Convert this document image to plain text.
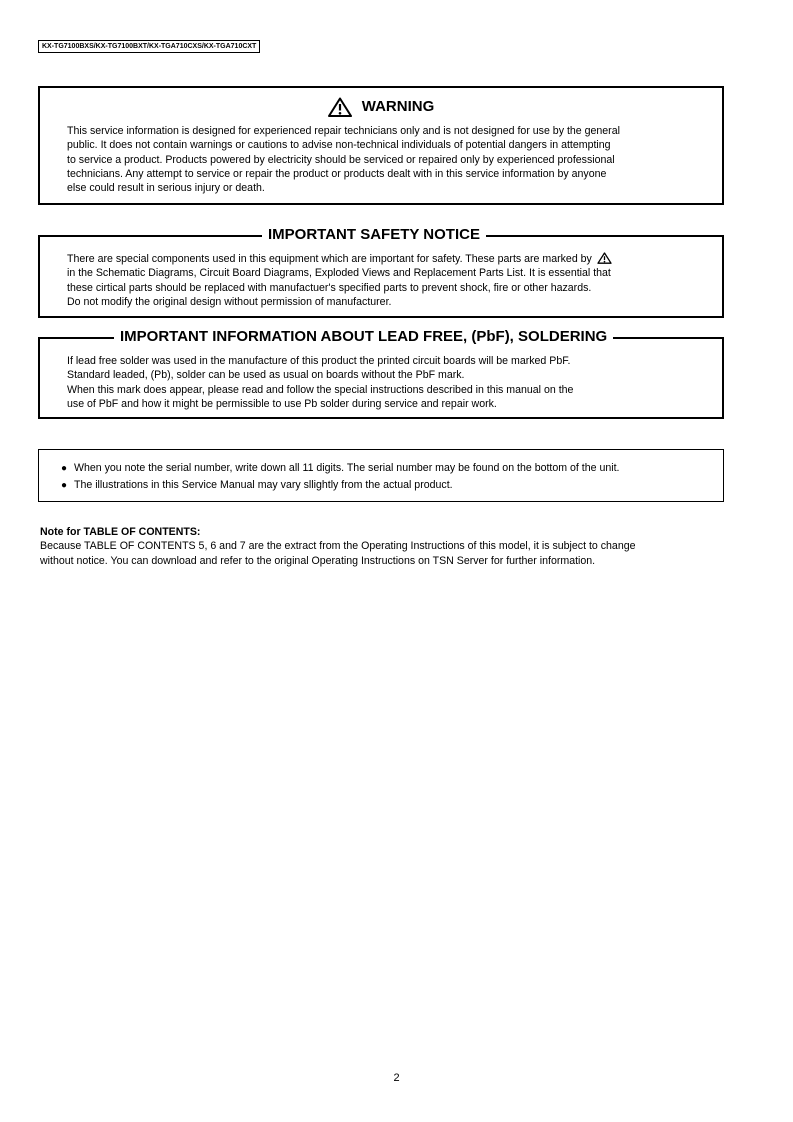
KX-TG7100BXS/KX-TG7100BXT/KX-TGA710CXS/KX-TGA710CXT
WARNING

This service information is designed for experienced repair technicians only and is not designed for use by the general

public. It does not contain warnings or cautions to advise non-technical individuals of potential dangers in attempting

to service a product. Products powered by electricity should be serviced or repaired only by experienced professional

technicians. Any attempt to service or repair the product or products dealt with in this service information by anyone

else could result in serious injury or death.

IMPORTANT SAFETY NOTICE

There are special components used in this equipment which are important for safety. These parts are marked by

in the Schematic Diagrams, Circuit Board Diagrams, Exploded Views and Replacement Parts List. It is essential that

these cirtical parts should be replaced with manufactuer's specified parts to prevent shock, fire or other hazards.

Do not modify the original design without permission of manufacturer.

IMPORTANT INFORMATION ABOUT LEAD FREE, (PbF), SOLDERING

If lead free solder was used in the manufacture of this product the printed circuit boards will be marked PbF.

Standard leaded, (Pb), solder can be used as usual on boards without the PbF mark.

When this mark does appear, please read and follow the special instructions described in this manual on the

use of PbF and how it might be permissible to use Pb solder during service and repair work.

● When you note the serial number, write down all 11 digits. The serial number may be found on the bottom of the unit.
● The illustrations in this Service Manual may vary sllightly from the actual product.

Note for TABLE OF CONTENTS:

Because TABLE OF CONTENTS 5, 6 and 7 are the extract from the Operating Instructions of this model, it is subject to change

without notice. You can download and refer to the original Operating Instructions on TSN Server for further information.

2
